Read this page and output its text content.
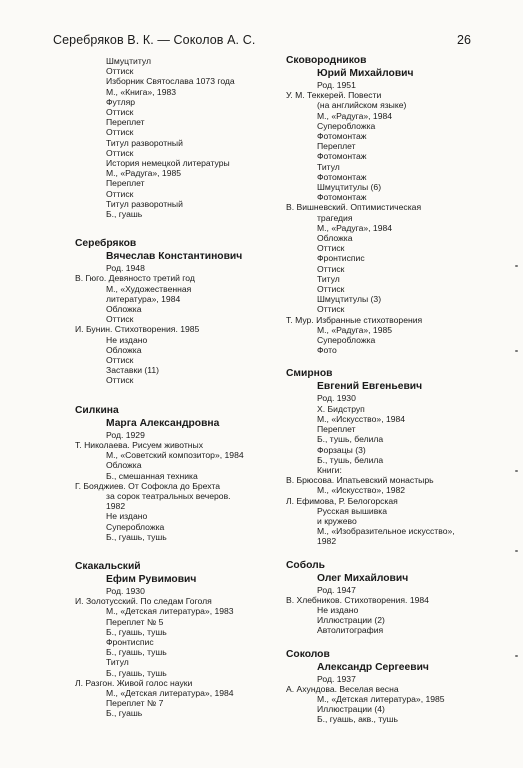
Серебряков В. К. — Соколов А. С.	26
Шмуцтитул
Оттиск
Изборник Святослава 1073 года
М., «Книга», 1983
Футляр
Оттиск
Переплет
Оттиск
Титул разворотный
Оттиск
История немецкой литературы
М., «Радуга», 1985
Переплет
Оттиск
Титул разворотный
Б., гуашь
Серебряков
Вячеслав Константинович
Род. 1948
В. Гюго. Девяносто третий год
М., «Художественная
литература», 1984
Обложка
Оттиск
И. Бунин. Стихотворения. 1985
Не издано
Обложка
Оттиск
Заставки (11)
Оттиск
Силкина
Марга Александровна
Род. 1929
Т. Николаева. Рисуем животных
М., «Советский композитор», 1984
Обложка
Б., смешанная техника
Г. Бояджиев. От Софокла до Брехта
за сорок театральных вечеров.
1982
Не издано
Суперобложка
Б., гуашь, тушь
Скакальский
Ефим Рувимович
Род. 1930
И. Золотусский. По следам Гоголя
М., «Детская литература», 1983
Переплет № 5
Б., гуашь, тушь
Фронтиспис
Б., гуашь, тушь
Титул
Б., гуашь, тушь
Л. Разгон. Живой голос науки
М., «Детская литература», 1984
Переплет № 7
Б., гуашь
Сковородников
Юрий Михайлович
Род. 1951
У. М. Теккерей. Повести
(на английском языке)
М., «Радуга», 1984
Суперобложка
Фотомонтаж
Переплет
Фотомонтаж
Титул
Фотомонтаж
Шмуцтитулы (6)
Фотомонтаж
В. Вишневский. Оптимистическая
трагедия
М., «Радуга», 1984
Обложка
Оттиск
Фронтиспис
Оттиск
Титул
Оттиск
Шмуцтитулы (3)
Оттиск
Т. Мур. Избранные стихотворения
М., «Радуга», 1985
Суперобложка
Фото
Смирнов
Евгений Евгеньевич
Род. 1930
Х. Бидструп
М., «Искусство», 1984
Переплет
Б., тушь, белила
Форзацы (3)
Б., тушь, белила
Книги:
В. Брюсова. Ипатьевский монастырь
М., «Искусство», 1982
Л. Ефимова, Р. Белогорская
Русская вышивка
и кружево
М., «Изобразительное искусство»,
1982
Соболь
Олег Михайлович
Род. 1947
В. Хлебников. Стихотворения. 1984
Не издано
Иллюстрации (2)
Автолитография
Соколов
Александр Сергеевич
Род. 1937
А. Ахундова. Веселая весна
М., «Детская литература», 1985
Иллюстрации (4)
Б., гуашь, акв., тушь
